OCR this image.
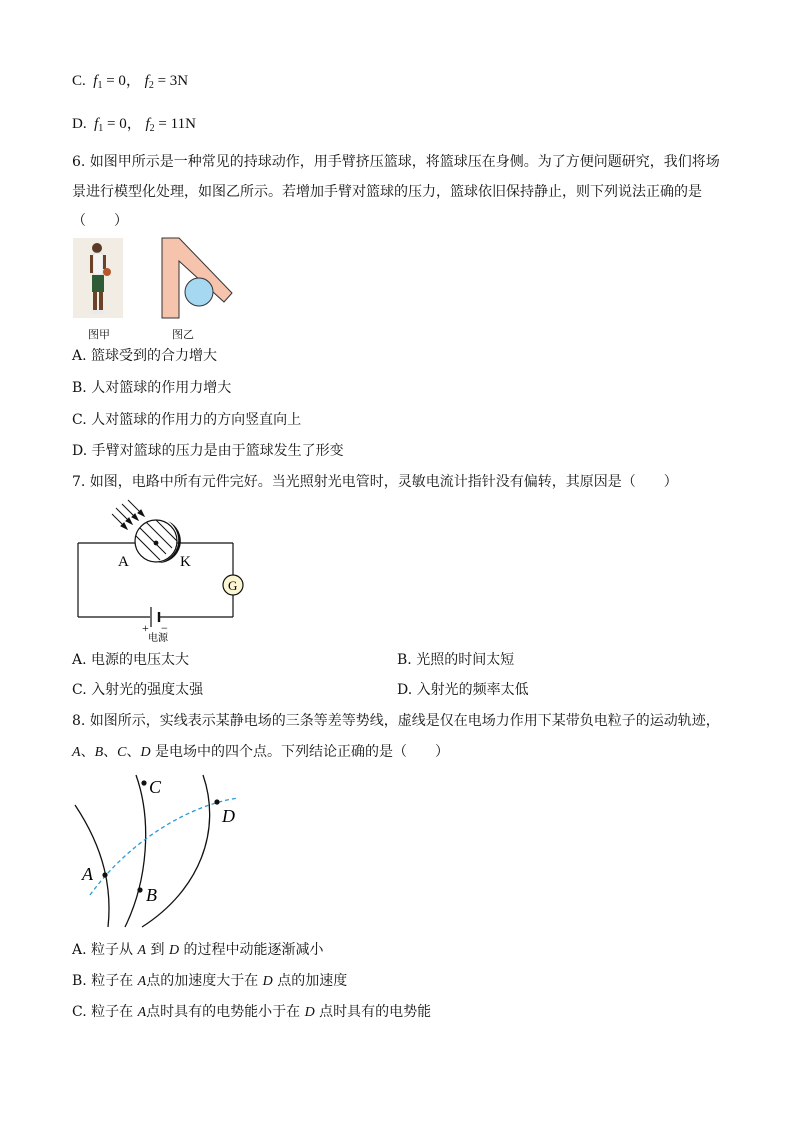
C. $f_1 = 0$， $f_2 = 3N$
D. $f_1 = 0$， $f_2 = 11N$
6. 如图甲所示是一种常见的持球动作，用手臂挤压篮球，将篮球压在身侧。为了方便问题研究，我们将场
景进行模型化处理，如图乙所示。若增加手臂对篮球的压力，篮球依旧保持静止，则下列说法正确的是
（　　）
图甲	图乙
A. 篮球受到的合力增大
B. 人对篮球的作用力增大
C. 人对篮球的作用力的方向竖直向上
D. 手臂对篮球的压力是由于篮球发生了形变
7. 如图，电路中所有元件完好。当光照射光电管时，灵敏电流计指针没有偏转，其原因是（　　）
A	K
G
+ −
电源
A. 电源的电压太大	B. 光照的时间太短
C. 入射光的强度太强	D. 入射光的频率太低
8. 如图所示，实线表示某静电场的三条等差等势线，虚线是仅在电场力作用下某带负电粒子的运动轨迹，
A、B、C、D 是电场中的四个点。下列结论正确的是（　　）
A
B
C
D
A. 粒子从 A 到 D 的过程中动能逐渐减小
B. 粒子在 A点的加速度大于在 D 点的加速度
C. 粒子在 A点时具有的电势能小于在 D 点时具有的电势能
